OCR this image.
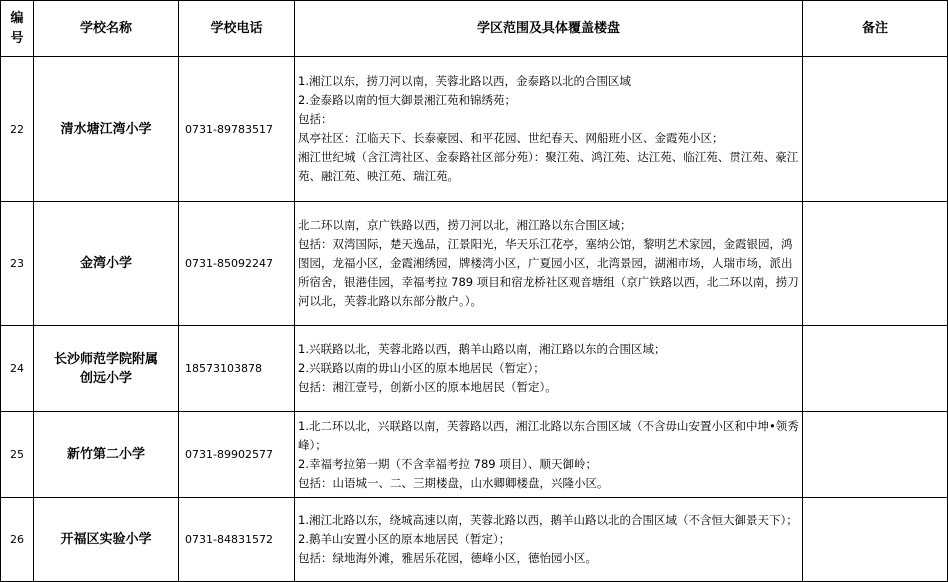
编号	学校名称	学校电话	学区范围及具体覆盖楼盘	备注
22	清水塘江湾小学	0731-89783517	1.湘江以东，捞刀河以南，芙蓉北路以西，金泰路以北的合围区域
2.金泰路以南的恒大御景湘江苑和锦绣苑；
包括：
凤亭社区：江临天下、长泰豪园、和平花园、世纪春天、网船班小区、金霞苑小区；
湘江世纪城（含江湾社区、金泰路社区部分苑）：聚江苑、鸿江苑、达江苑、临江苑、贯江苑、豪江苑、融江苑、映江苑、瑞江苑。	

23	金湾小学	0731-85092247	北二环以南，京广铁路以西，捞刀河以北，湘江路以东合围区域；
包括：双湾国际，楚天逸品，江景阳光，华天乐江花亭，塞纳公馆，黎明艺术家园，金霞银园，鸿图园，龙福小区，金霞湘绣园，牌楼湾小区，广夏园小区，北湾景园，湖湘市场，人瑞市场，派出所宿舍，银港佳园，幸福考拉 789 项目和宿龙桥社区观音塘组（京广铁路以西，北二环以南，捞刀河以北，芙蓉北路以东部分散户。）。	

24	长沙师范学院附属创远小学	18573103878	1.兴联路以北，芙蓉北路以西，鹅羊山路以南，湘江路以东的合围区域；
2.兴联路以南的毋山小区的原本地居民（暂定）；
包括：湘江壹号，创新小区的原本地居民（暂定）。	

25	新竹第二小学	0731-89902577	1.北二环以北，兴联路以南，芙蓉路以西，湘江北路以东合围区域（不含毋山安置小区和中坤•领秀峰）；
2.幸福考拉第一期（不含幸福考拉 789 项目）、顺天御岭；
包括：山语城一、二、三期楼盘，山水卿卿楼盘，兴隆小区。	

26	开福区实验小学	0731-84831572	1.湘江北路以东，绕城高速以南，芙蓉北路以西，鹅羊山路以北的合围区域（不含恒大御景天下）；
2.鹅羊山安置小区的原本地居民（暂定）；
包括：绿地海外滩，雅居乐花园，德峰小区，德怡园小区。	
